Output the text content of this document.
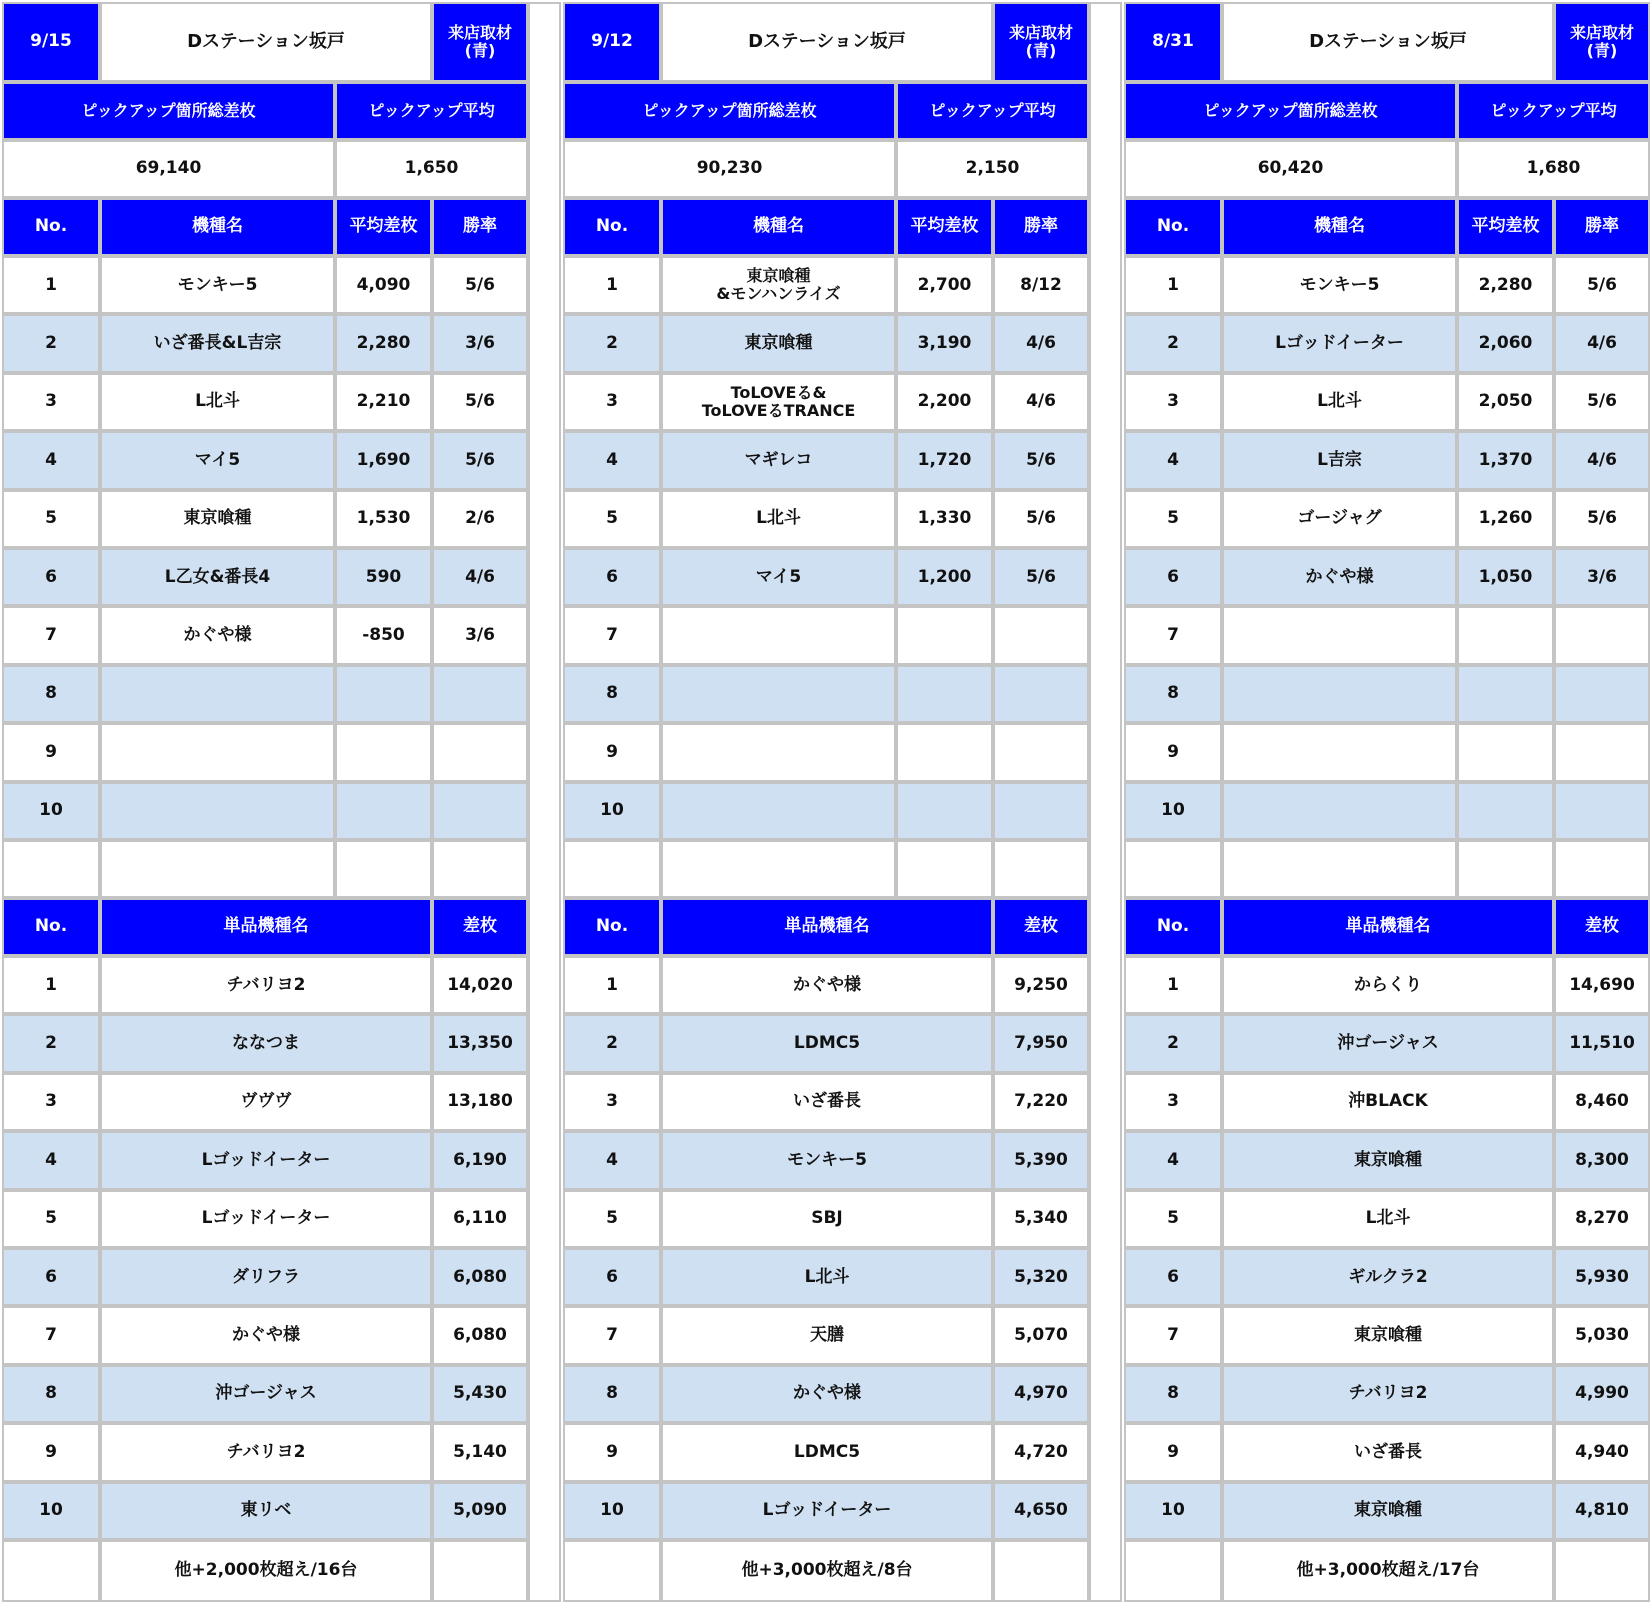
9/15	Dステーション坂戸	来店取材
(青)
ピックアップ箇所総差枚	ピックアップ平均
69,140	1,650
No.	機種名	平均差枚	勝率
1	モンキー5	4,090	5/6
2	いざ番長&L吉宗	2,280	3/6
3	L北斗	2,210	5/6
4	マイ5	1,690	5/6
5	東京喰種	1,530	2/6
6	L乙女&番長4	590	4/6
7	かぐや様	-850	3/6
8
9
10
No.	単品機種名	差枚
1	チバリヨ2	14,020
2	ななつま	13,350
3	ヴヴヴ	13,180
4	Lゴッドイーター	6,190
5	Lゴッドイーター	6,110
6	ダリフラ	6,080
7	かぐや様	6,080
8	沖ゴージャス	5,430
9	チバリヨ2	5,140
10	東リベ	5,090
他+2,000枚超え/16台
9/12	Dステーション坂戸	来店取材
(青)
ピックアップ箇所総差枚	ピックアップ平均
90,230	2,150
No.	機種名	平均差枚	勝率
1	東京喰種
&モンハンライズ	2,700	8/12
2	東京喰種	3,190	4/6
3	ToLOVEる&
ToLOVEるTRANCE	2,200	4/6
4	マギレコ	1,720	5/6
5	L北斗	1,330	5/6
6	マイ5	1,200	5/6
7
8
9
10
No.	単品機種名	差枚
1	かぐや様	9,250
2	LDMC5	7,950
3	いざ番長	7,220
4	モンキー5	5,390
5	SBJ	5,340
6	L北斗	5,320
7	天膳	5,070
8	かぐや様	4,970
9	LDMC5	4,720
10	Lゴッドイーター	4,650
他+3,000枚超え/8台
8/31	Dステーション坂戸	来店取材
(青)
ピックアップ箇所総差枚	ピックアップ平均
60,420	1,680
No.	機種名	平均差枚	勝率
1	モンキー5	2,280	5/6
2	Lゴッドイーター	2,060	4/6
3	L北斗	2,050	5/6
4	L吉宗	1,370	4/6
5	ゴージャグ	1,260	5/6
6	かぐや様	1,050	3/6
7
8
9
10
No.	単品機種名	差枚
1	からくり	14,690
2	沖ゴージャス	11,510
3	沖BLACK	8,460
4	東京喰種	8,300
5	L北斗	8,270
6	ギルクラ2	5,930
7	東京喰種	5,030
8	チバリヨ2	4,990
9	いざ番長	4,940
10	東京喰種	4,810
他+3,000枚超え/17台
